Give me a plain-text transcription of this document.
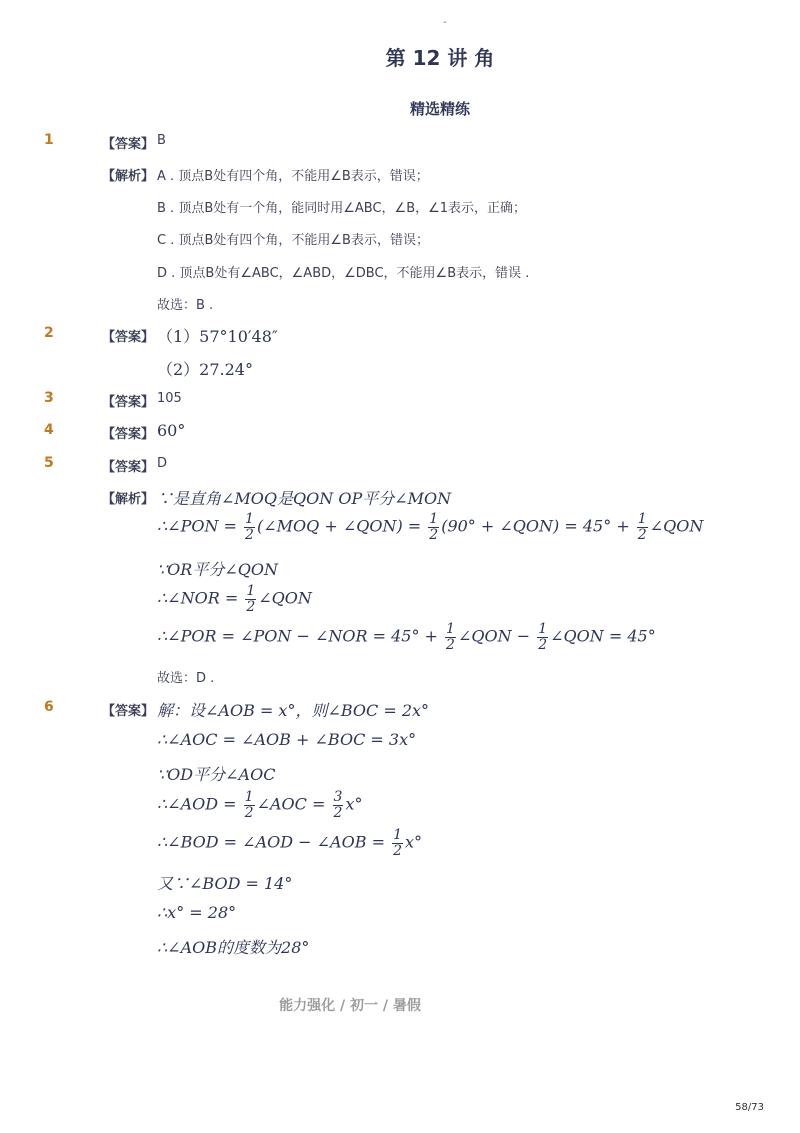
-
第 12 讲 角
精选精练
1	【答案】 B
【解析】 A . 顶点B处有四个角，不能用∠B表示，错误；
B . 顶点B处有一个角，能同时用∠ABC，∠B，∠1表示，正确；
C . 顶点B处有四个角，不能用∠B表示，错误；
D . 顶点B处有∠ABC，∠ABD，∠DBC，不能用∠B表示，错误 .
故选：B .
2	【答案】 （1）57°10′48″
（2）27.24°
3	【答案】 105
4	【答案】 60°
5	【答案】 D
【解析】 ∵是直角∠MOQ是QON OP平分∠MON
∴∠PON = $\frac{1}{2}$ (∠MOQ + ∠QON) = $\frac{1}{2} (90^\circ$ + ∠QON) = $45^\circ + \frac{1}{2}$ ∠QON
∵OR平分∠QON
∴∠NOR = $\frac{1}{2}$ ∠QON
∴∠POR = ∠PON − ∠NOR = $45^\circ + \frac{1}{2}$ ∠QON − $\frac{1}{2}$ ∠QON = 45°
故选：D .
6	【答案】 解：设∠AOB = x°，则∠BOC = 2x°
∴∠AOC = ∠AOB + ∠BOC = 3x°
∵OD平分∠AOC
∴∠AOD = $\frac{1}{2}$ ∠AOC = $\frac{3}{2} x^\circ$
∴∠BOD = ∠AOD − ∠AOB = $\frac{1}{2} x^\circ$
又∵∠BOD = 14°
∴x° = 28°
∴∠AOB的度数为28°
能力强化 / 初一 / 暑假
58/73
